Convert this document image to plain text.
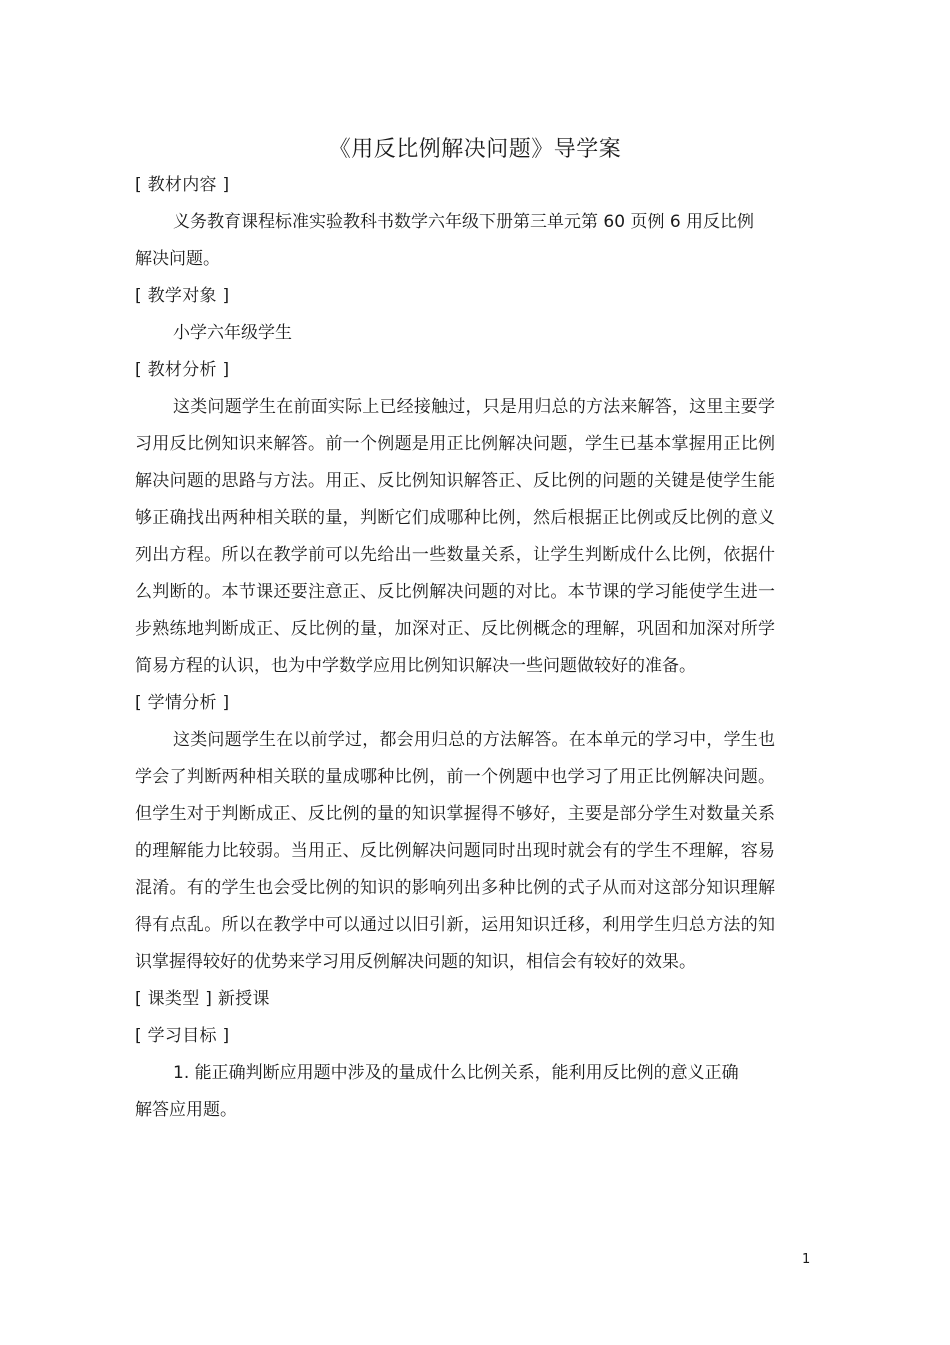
《用反比例解决问题》导学案
[ 教材内容 ]
义务教育课程标准实验教科书数学六年级下册第三单元第 60 页例 6 用反比例
解决问题。
[ 教学对象 ]
小学六年级学生
[ 教材分析 ]
这类问题学生在前面实际上已经接触过，只是用归总的方法来解答，这里主要学习用反比例知识来解答。前一个例题是用正比例解决问题，学生已基本掌握用正比例解决问题的思路与方法。用正、反比例知识解答正、反比例的问题的关键是使学生能够正确找出两种相关联的量，判断它们成哪种比例，然后根据正比例或反比例的意义列出方程。所以在教学前可以先给出一些数量关系，让学生判断成什么比例，依据什么判断的。本节课还要注意正、反比例解决问题的对比。本节课的学习能使学生进一步熟练地判断成正、反比例的量，加深对正、反比例概念的理解，巩固和加深对所学简易方程的认识，也为中学数学应用比例知识解决一些问题做较好的准备。
[ 学情分析 ]
这类问题学生在以前学过，都会用归总的方法解答。在本单元的学习中，学生也学会了判断两种相关联的量成哪种比例，前一个例题中也学习了用正比例解决问题。但学生对于判断成正、反比例的量的知识掌握得不够好，主要是部分学生对数量关系的理解能力比较弱。当用正、反比例解决问题同时出现时就会有的学生不理解，容易混淆。有的学生也会受比例的知识的影响列出多种比例的式子从而对这部分知识理解得有点乱。所以在教学中可以通过以旧引新，运用知识迁移，利用学生归总方法的知识掌握得较好的优势来学习用反例解决问题的知识，相信会有较好的效果。
[ 课类型 ] 新授课
[ 学习目标 ]
1. 能正确判断应用题中涉及的量成什么比例关系，能利用反比例的意义正确
解答应用题。
1
